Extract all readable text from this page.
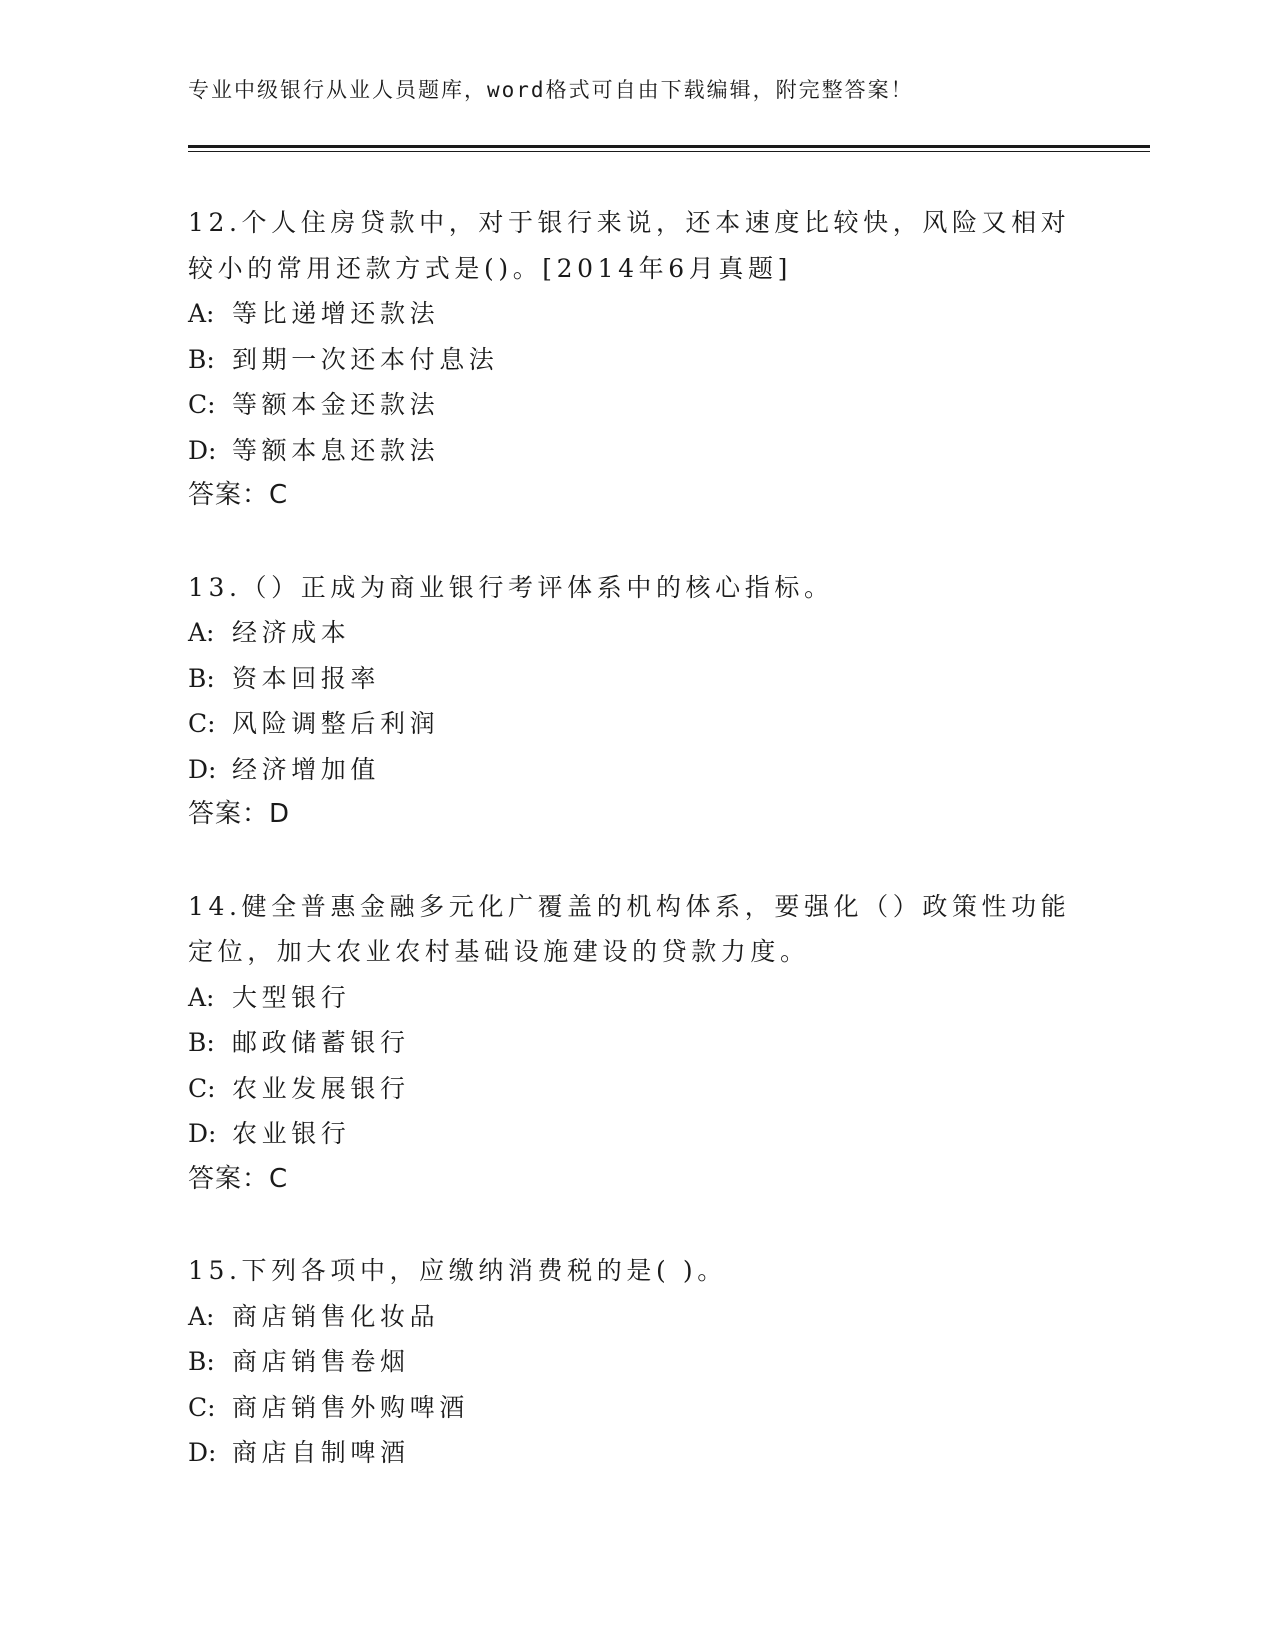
专业中级银行从业人员题库，word格式可自由下载编辑，附完整答案！

12.个人住房贷款中，对于银行来说，还本速度比较快，风险又相对较小的常用还款方式是()。[2014年6月真题]

A: 等比递增还款法

B: 到期一次还本付息法

C: 等额本金还款法

D: 等额本息还款法

答案：C

13.（）正成为商业银行考评体系中的核心指标。

A: 经济成本

B: 资本回报率

C: 风险调整后利润

D: 经济增加值

答案：D

14.健全普惠金融多元化广覆盖的机构体系，要强化（）政策性功能定位，加大农业农村基础设施建设的贷款力度。

A: 大型银行

B: 邮政储蓄银行

C: 农业发展银行

D: 农业银行

答案：C

15.下列各项中，应缴纳消费税的是( )。

A: 商店销售化妆品

B: 商店销售卷烟

C: 商店销售外购啤酒

D: 商店自制啤酒
